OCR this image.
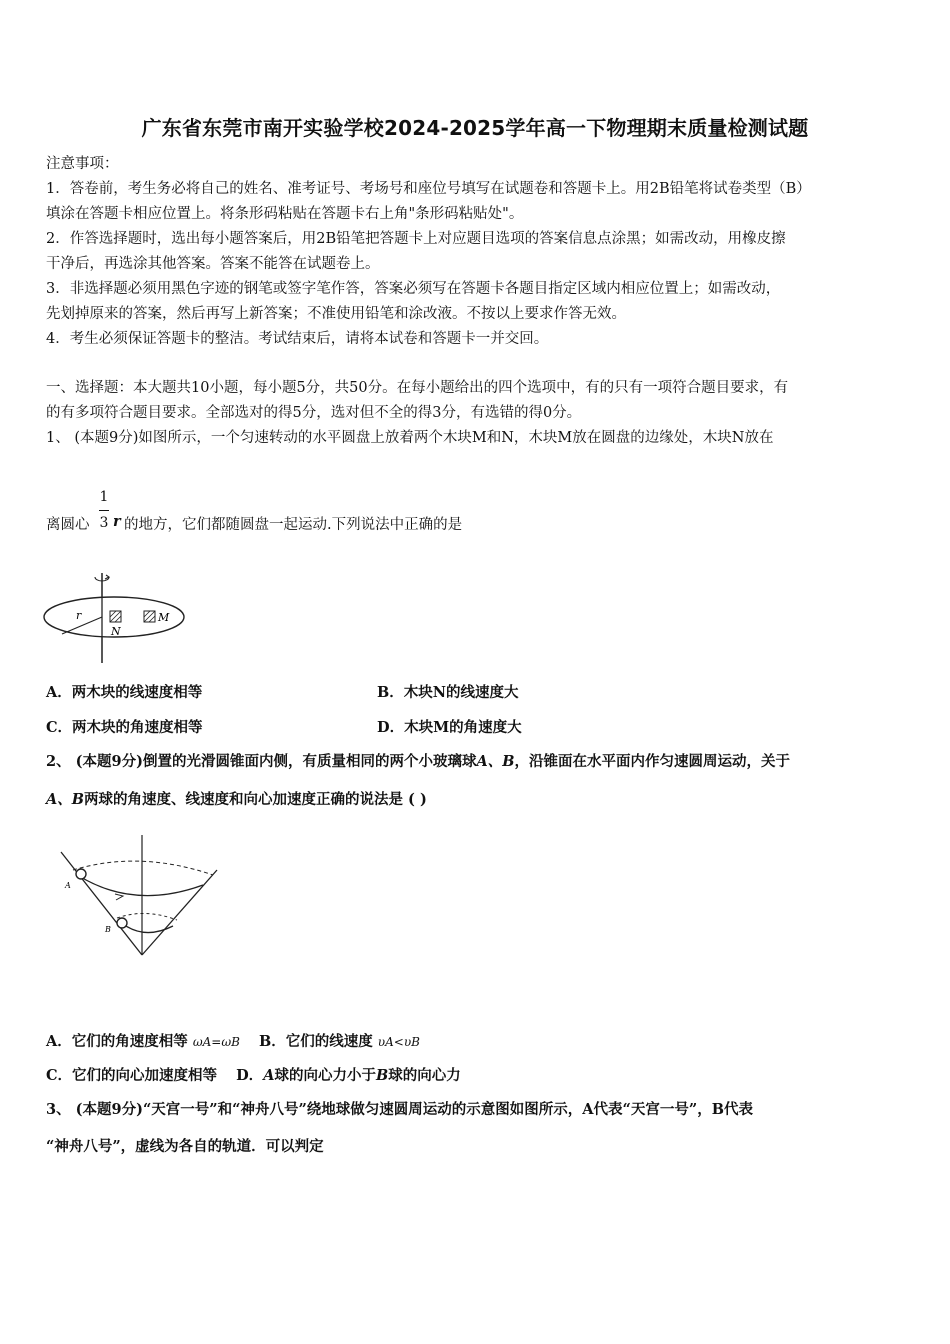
广东省东莞市南开实验学校2024-2025学年高一下物理期末质量检测试题
注意事项：
1．答卷前，考生务必将自己的姓名、准考证号、考场号和座位号填写在试题卷和答题卡上。用2B铅笔将试卷类型（B）
填涂在答题卡相应位置上。将条形码粘贴在答题卡右上角"条形码粘贴处"。
2．作答选择题时，选出每小题答案后，用2B铅笔把答题卡上对应题目选项的答案信息点涂黑；如需改动，用橡皮擦
干净后，再选涂其他答案。答案不能答在试题卷上。
3．非选择题必须用黑色字迹的钢笔或签字笔作答，答案必须写在答题卡各题目指定区域内相应位置上；如需改动，
先划掉原来的答案，然后再写上新答案；不准使用铅笔和涂改液。不按以上要求作答无效。
4．考生必须保证答题卡的整洁。考试结束后，请将本试卷和答题卡一并交回。
一、选择题：本大题共10小题，每小题5分，共50分。在每小题给出的四个选项中，有的只有一项符合题目要求，有
的有多项符合题目要求。全部选对的得5分，选对但不全的得3分，有选错的得0分。
1、 (本题9分)如图所示，一个匀速转动的水平圆盘上放着两个木块M和N，木块M放在圆盘的边缘处，木块N放在
离圆心
1
3 r 的地方，它们都随圆盘一起运动.下列说法中正确的是
r
N
M
A．两木块的线速度相等	B．木块N的线速度大
C．两木块的角速度相等	D．木块M的角速度大
2、 (本题9分)倒置的光滑圆锥面内侧，有质量相同的两个小玻璃球A、B，沿锥面在水平面内作匀速圆周运动，关于
A、B两球的角速度、线速度和向心加速度正确的说法是 ( )
A
B
A．它们的角速度相等 ωA=ωB B．它们的线速度 υA<υB
C．它们的向心加速度相等 D．A球的向心力小于B球的向心力
3、 (本题9分)“天宫一号”和“神舟八号”绕地球做匀速圆周运动的示意图如图所示，A代表“天宫一号”，B代表
“神舟八号”，虚线为各自的轨道．可以判定
